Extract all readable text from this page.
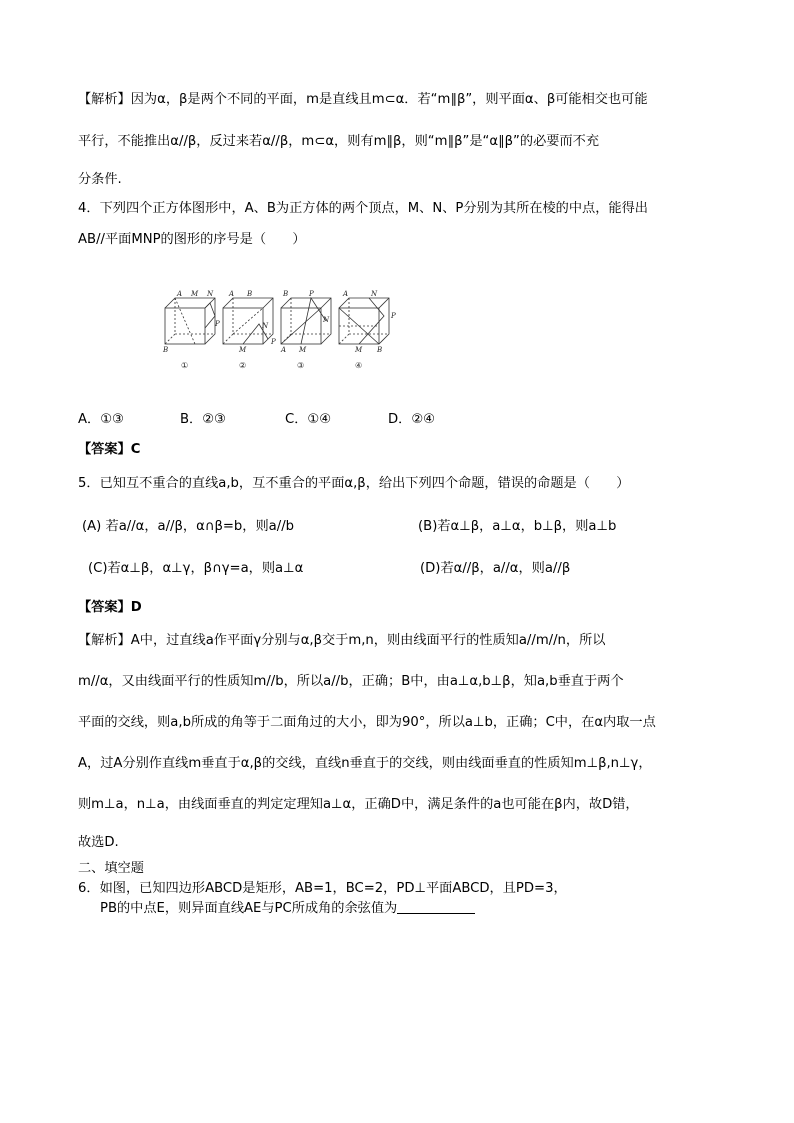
【解析】因为α，β是两个不同的平面，m是直线且m⊂α．若“m∥β”，则平面α、β可能相交也可能
平行，不能推出α//β，反过来若α//β，m⊂α，则有m∥β，则“m∥β”是“α∥β”的必要而不充
分条件.
4．下列四个正方体图形中，A、B为正方体的两个顶点，M、N、P分别为其所在棱的中点，能得出
AB//平面MNP的图形的序号是（　　）
A M N
B
P
A B
N
M
P
B	P
N
A M
A	N
P
M B
①	②	③	④
A．①③	B．②③	C．①④	D．②④
【答案】C
5．已知互不重合的直线a,b，互不重合的平面α,β，给出下列四个命题，错误的命题是（　　）
(A) 若a//α，a//β，α∩β=b，则a//b	(B)若α⊥β，a⊥α，b⊥β，则a⊥b
(C)若α⊥β，α⊥γ，β∩γ=a，则a⊥α	(D)若α//β，a//α，则a//β
【答案】D
【解析】A中，过直线a作平面γ分别与α,β交于m,n，则由线面平行的性质知a//m//n，所以
m//α，又由线面平行的性质知m//b，所以a//b，正确；B中，由a⊥α,b⊥β，知a,b垂直于两个
平面的交线，则a,b所成的角等于二面角过的大小，即为90°，所以a⊥b，正确；C中，在α内取一点
A，过A分别作直线m垂直于α,β的交线，直线n垂直于的交线，则由线面垂直的性质知m⊥β,n⊥γ，
则m⊥a，n⊥a，由线面垂直的判定定理知a⊥α，正确D中，满足条件的a也可能在β内，故D错，
故选D.
二、填空题
6．如图，已知四边形ABCD是矩形，AB=1，BC=2，PD⊥平面ABCD，且PD=3，
PB的中点E，则异面直线AE与PC所成角的余弦值为
